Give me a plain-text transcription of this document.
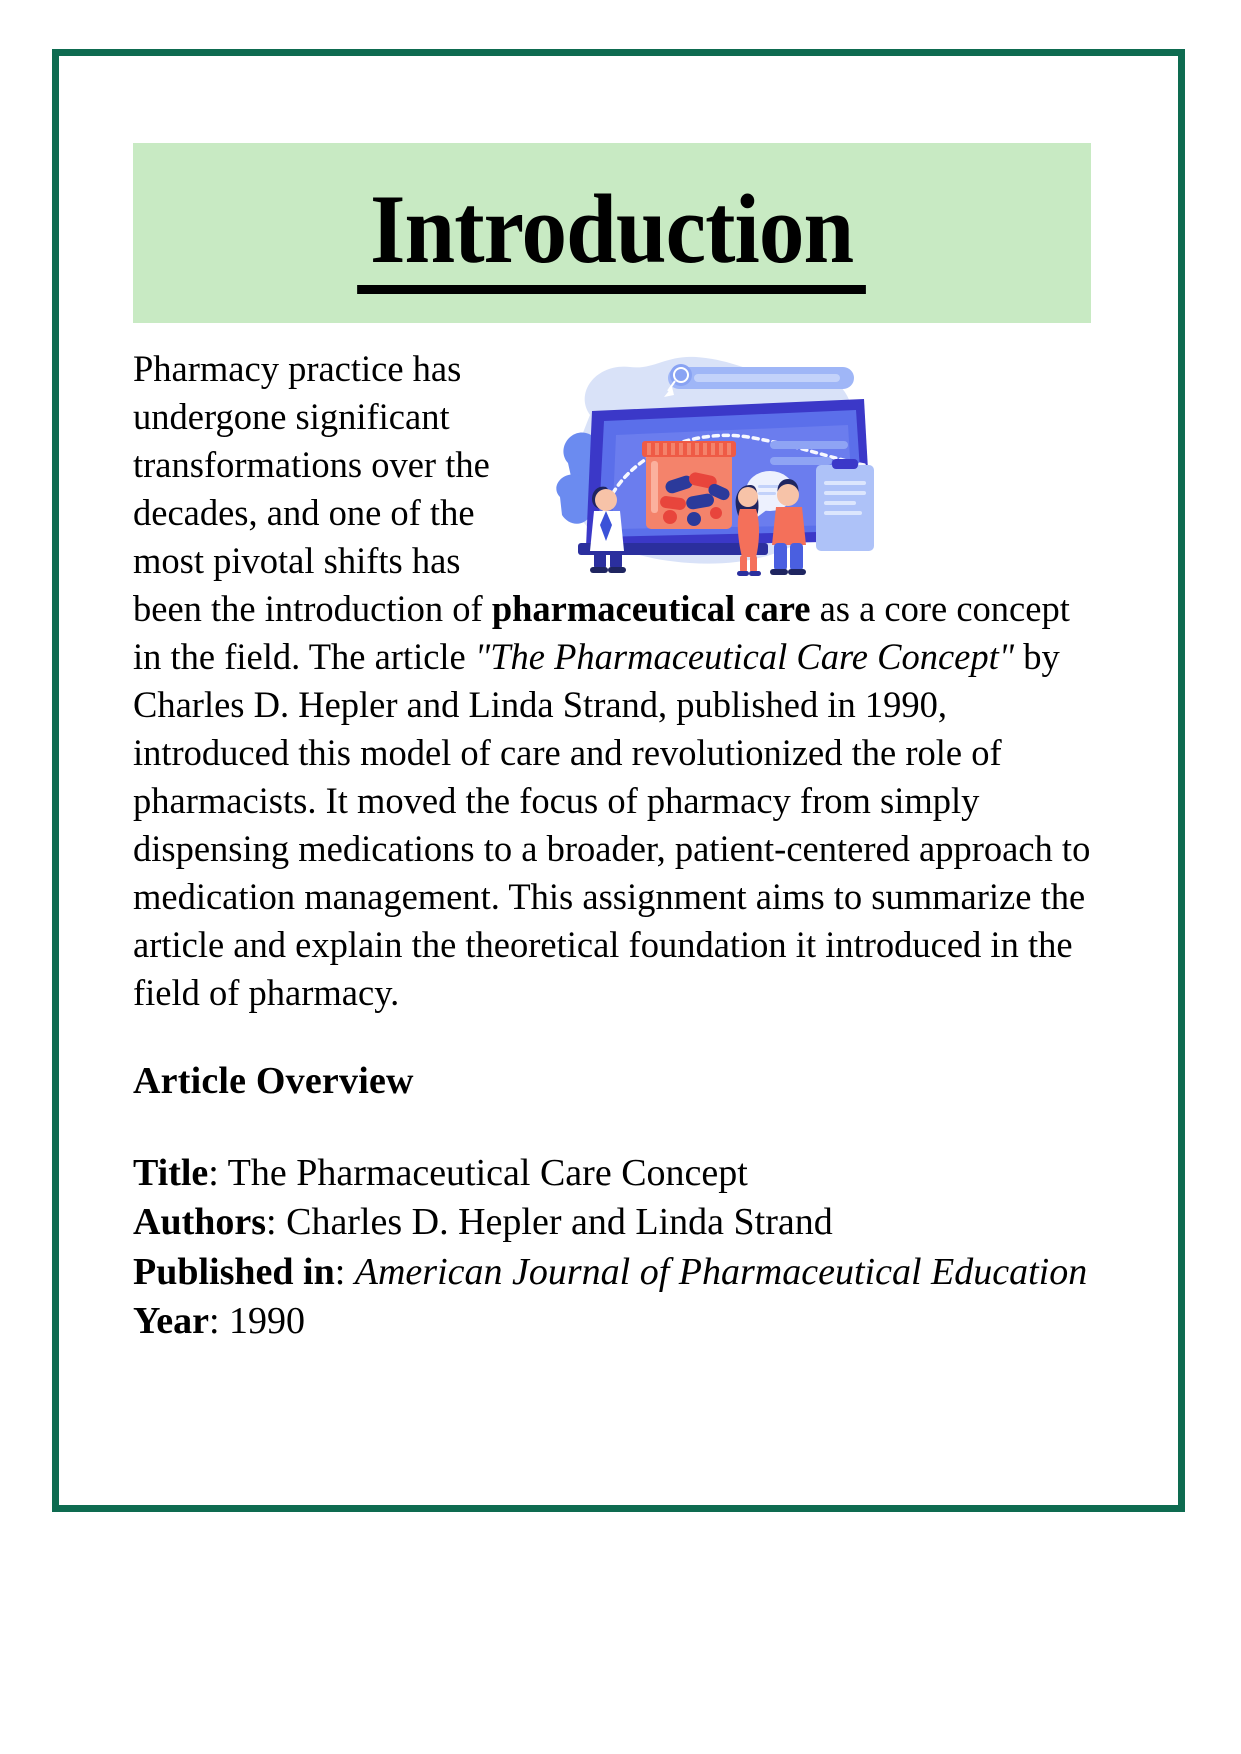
Introduction
Pharmacy practice has undergone significant transformations over the decades, and one of the most pivotal shifts has been the introduction of pharmaceutical care as a core concept in the field. The article "The Pharmaceutical Care Concept" by Charles D. Hepler and Linda Strand, published in 1990, introduced this model of care and revolutionized the role of pharmacists. It moved the focus of pharmacy from simply dispensing medications to a broader, patient-centered approach to medication management. This assignment aims to summarize the article and explain the theoretical foundation it introduced in the field of pharmacy.
Article Overview
Title: The Pharmaceutical Care Concept
Authors: Charles D. Hepler and Linda Strand
Published in: American Journal of Pharmaceutical Education
Year: 1990
